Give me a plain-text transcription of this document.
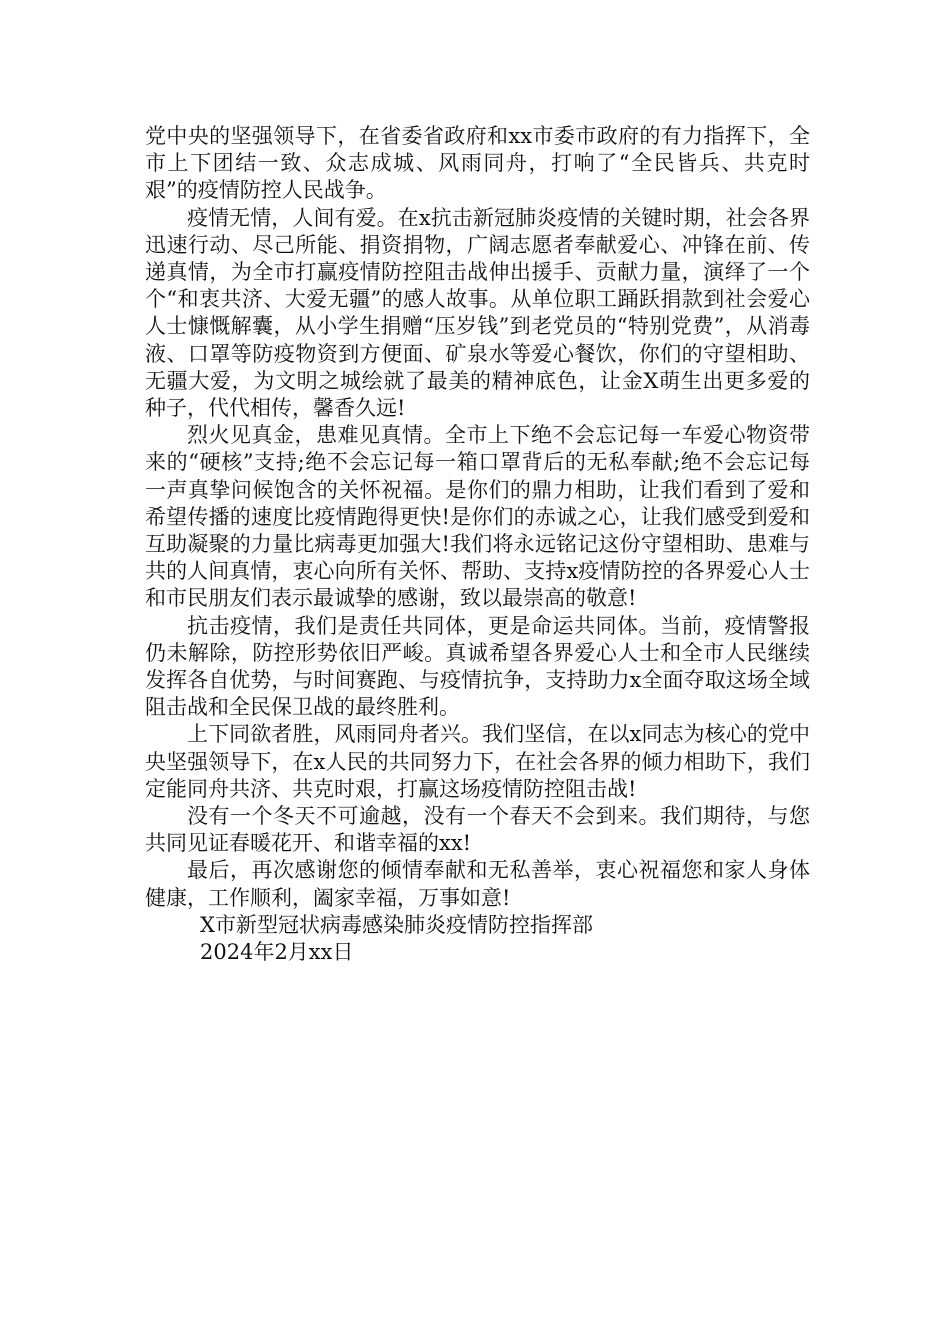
党中央的坚强领导下，在省委省政府和xx市委市政府的有力指挥下，全市上下团结一致、众志成城、风雨同舟，打响了“全民皆兵、共克时艰”的疫情防控人民战争。

疫情无情，人间有爱。在x抗击新冠肺炎疫情的关键时期，社会各界迅速行动、尽己所能、捐资捐物，广阔志愿者奉献爱心、冲锋在前、传递真情，为全市打赢疫情防控阻击战伸出援手、贡献力量，演绎了一个个“和衷共济、大爱无疆”的感人故事。从单位职工踊跃捐款到社会爱心人士慷慨解囊，从小学生捐赠“压岁钱”到老党员的“特别党费”，从消毒液、口罩等防疫物资到方便面、矿泉水等爱心餐饮，你们的守望相助、无疆大爱，为文明之城绘就了最美的精神底色，让金X萌生出更多爱的种子，代代相传，馨香久远!

烈火见真金，患难见真情。全市上下绝不会忘记每一车爱心物资带来的“硬核”支持;绝不会忘记每一箱口罩背后的无私奉献;绝不会忘记每一声真挚问候饱含的关怀祝福。是你们的鼎力相助，让我们看到了爱和希望传播的速度比疫情跑得更快!是你们的赤诚之心，让我们感受到爱和互助凝聚的力量比病毒更加强大!我们将永远铭记这份守望相助、患难与共的人间真情，衷心向所有关怀、帮助、支持x疫情防控的各界爱心人士和市民朋友们表示最诚挚的感谢，致以最崇高的敬意!

抗击疫情，我们是责任共同体，更是命运共同体。当前，疫情警报仍未解除，防控形势依旧严峻。真诚希望各界爱心人士和全市人民继续发挥各自优势，与时间赛跑、与疫情抗争，支持助力x全面夺取这场全域阻击战和全民保卫战的最终胜利。

上下同欲者胜，风雨同舟者兴。我们坚信，在以x同志为核心的党中央坚强领导下，在x人民的共同努力下，在社会各界的倾力相助下，我们定能同舟共济、共克时艰，打赢这场疫情防控阻击战!

没有一个冬天不可逾越，没有一个春天不会到来。我们期待，与您共同见证春暖花开、和谐幸福的xx!

最后，再次感谢您的倾情奉献和无私善举，衷心祝福您和家人身体健康，工作顺利，阖家幸福，万事如意!

X市新型冠状病毒感染肺炎疫情防控指挥部

2024年2月xx日
